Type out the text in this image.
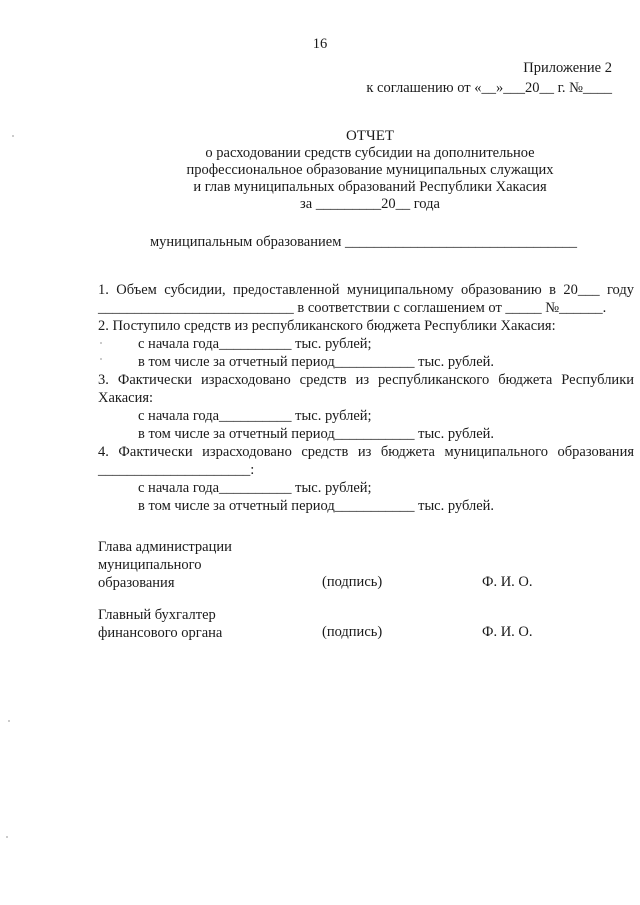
16
Приложение 2
к соглашению от «__»___20__ г. №____
ОТЧЕТ
о расходовании средств субсидии на дополнительное
профессиональное образование муниципальных служащих
и глав муниципальных образований Республики Хакасия
за _________20__ года
муниципальным образованием ________________________________
1. Объем субсидии, предоставленной муниципальному образованию в 20___ году
___________________________ в соответствии с соглашением от _____ №______.
2. Поступило средств из республиканского бюджета Республики Хакасия:
с начала года__________ тыс. рублей;
в том числе за отчетный период___________ тыс. рублей.
3. Фактически израсходовано средств из республиканского бюджета Республики
Хакасия:
с начала года__________ тыс. рублей;
в том числе за отчетный период___________ тыс. рублей.
4. Фактически израсходовано средств из бюджета муниципального образования
_____________________:
с начала года__________ тыс. рублей;
в том числе за отчетный период___________ тыс. рублей.
Глава администрации
муниципального
образования	(подпись)	Ф. И. О.
Главный бухгалтер
финансового органа	(подпись)	Ф. И. О.
